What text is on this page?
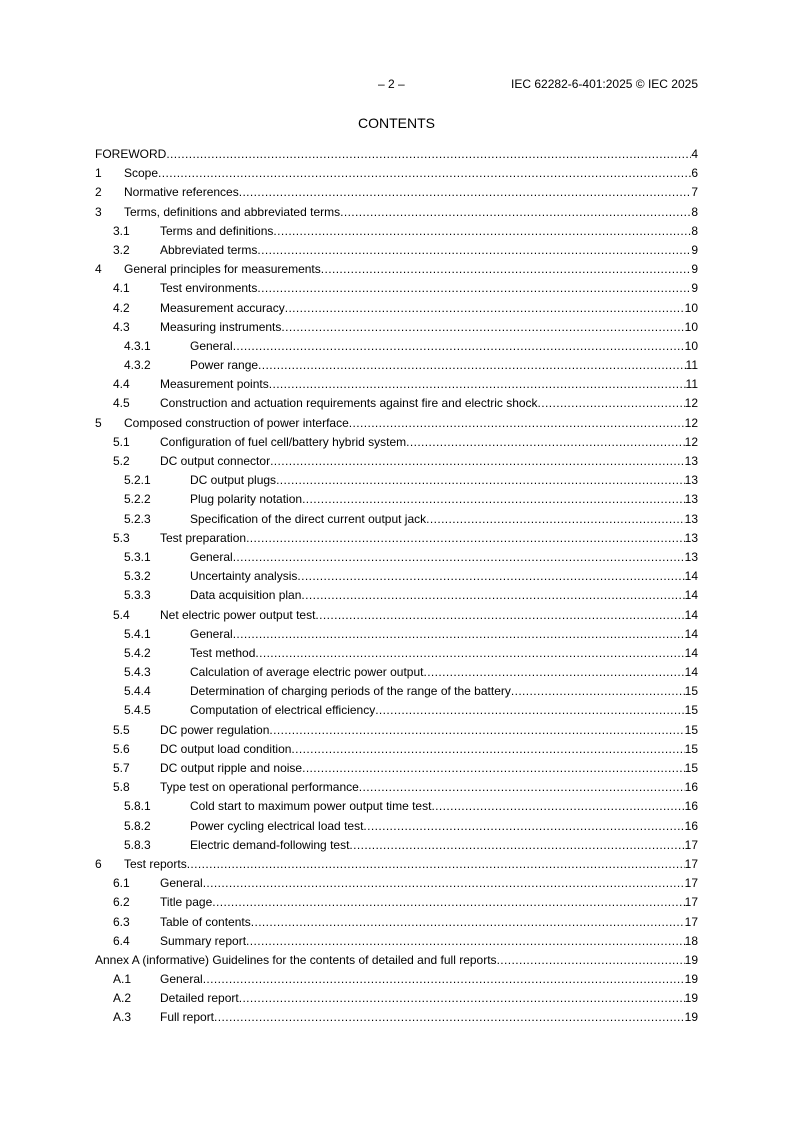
– 2 –	IEC 62282-6-401:2025 © IEC 2025
CONTENTS
FOREWORD .....	4
1	Scope .....	6
2	Normative references .....	7
3	Terms, definitions and abbreviated terms .....	8
3.1	Terms and definitions .....	8
3.2	Abbreviated terms .....	9
4	General principles for measurements .....	9
4.1	Test environments .....	9
4.2	Measurement accuracy .....	10
4.3	Measuring instruments .....	10
4.3.1	General .....	10
4.3.2	Power range .....	11
4.4	Measurement points .....	11
4.5	Construction and actuation requirements against fire and electric shock .....	12
5	Composed construction of power interface .....	12
5.1	Configuration of fuel cell/battery hybrid system .....	12
5.2	DC output connector .....	13
5.2.1	DC output plugs .....	13
5.2.2	Plug polarity notation .....	13
5.2.3	Specification of the direct current output jack .....	13
5.3	Test preparation .....	13
5.3.1	General .....	13
5.3.2	Uncertainty analysis .....	14
5.3.3	Data acquisition plan .....	14
5.4	Net electric power output test .....	14
5.4.1	General .....	14
5.4.2	Test method .....	14
5.4.3	Calculation of average electric power output .....	14
5.4.4	Determination of charging periods of the range of the battery .....	15
5.4.5	Computation of electrical efficiency .....	15
5.5	DC power regulation .....	15
5.6	DC output load condition .....	15
5.7	DC output ripple and noise .....	15
5.8	Type test on operational performance .....	16
5.8.1	Cold start to maximum power output time test .....	16
5.8.2	Power cycling electrical load test .....	16
5.8.3	Electric demand-following test .....	17
6	Test reports .....	17
6.1	General .....	17
6.2	Title page .....	17
6.3	Table of contents .....	17
6.4	Summary report .....	18
Annex A (informative) Guidelines for the contents of detailed and full reports .....	19
A.1	General .....	19
A.2	Detailed report .....	19
A.3	Full report .....	19
